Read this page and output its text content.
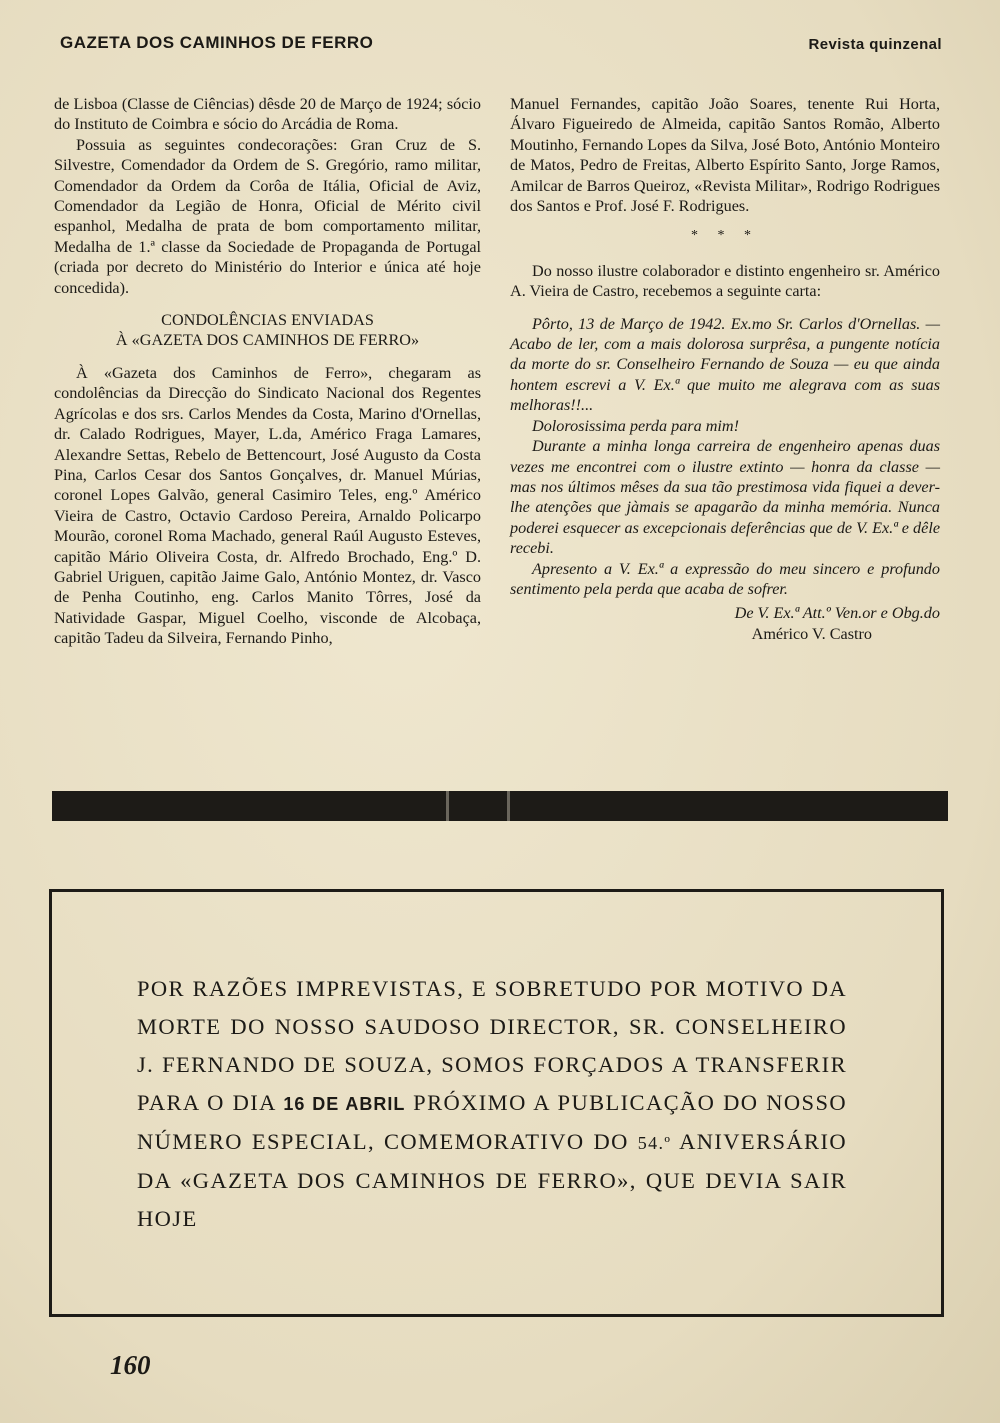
GAZETA DOS CAMINHOS DE FERRO	Revista quinzenal

de Lisboa (Classe de Ciências) dêsde 20 de Março de 1924; sócio do Instituto de Coimbra e sócio do Arcádia de Roma.

Possuia as seguintes condecorações: Gran Cruz de S. Silvestre, Comendador da Ordem de S. Gregório, ramo militar, Comendador da Ordem da Corôa de Itália, Oficial de Aviz, Comendador da Legião de Honra, Oficial de Mérito civil espanhol, Medalha de prata de bom comportamento militar, Medalha de 1.ª classe da Sociedade de Propaganda de Portugal (criada por decreto do Ministério do Interior e única até hoje concedida).

CONDOLÊNCIAS ENVIADAS

À «GAZETA DOS CAMINHOS DE FERRO»

À «Gazeta dos Caminhos de Ferro», chegaram as condolências da Direcção do Sindicato Nacional dos Regentes Agrícolas e dos srs. Carlos Mendes da Costa, Marino d'Ornellas, dr. Calado Rodrigues, Mayer, L.da, Américo Fraga Lamares, Alexandre Settas, Rebelo de Bettencourt, José Augusto da Costa Pina, Carlos Cesar dos Santos Gonçalves, dr. Manuel Múrias, coronel Lopes Galvão, general Casimiro Teles, eng.º Américo Vieira de Castro, Octavio Cardoso Pereira, Arnaldo Policarpo Mourão, coronel Roma Machado, general Raúl Augusto Esteves, capitão Mário Oliveira Costa, dr. Alfredo Brochado, Eng.º D. Gabriel Uriguen, capitão Jaime Galo, António Montez, dr. Vasco de Penha Coutinho, eng. Carlos Manito Tôrres, José da Natividade Gaspar, Miguel Coelho, visconde de Alcobaça, capitão Tadeu da Silveira, Fernando Pinho,

Manuel Fernandes, capitão João Soares, tenente Rui Horta, Álvaro Figueiredo de Almeida, capitão Santos Romão, Alberto Moutinho, Fernando Lopes da Silva, José Boto, António Monteiro de Matos, Pedro de Freitas, Alberto Espírito Santo, Jorge Ramos, Amilcar de Barros Queiroz, «Revista Militar», Rodrigo Rodrigues dos Santos e Prof. José F. Rodrigues.

* * *

Do nosso ilustre colaborador e distinto engenheiro sr. Américo A. Vieira de Castro, recebemos a seguinte carta:

Pôrto, 13 de Março de 1942. Ex.mo Sr. Carlos d'Ornellas. — Acabo de ler, com a mais dolorosa surprêsa, a pungente notícia da morte do sr. Conselheiro Fernando de Souza — eu que ainda hontem escrevi a V. Ex.ª que muito me alegrava com as suas melhoras!!...

Dolorosissima perda para mim!

Durante a minha longa carreira de engenheiro apenas duas vezes me encontrei com o ilustre extinto — honra da classe — mas nos últimos mêses da sua tão prestimosa vida fiquei a dever-lhe atenções que jàmais se apagarão da minha memória. Nunca poderei esquecer as excepcionais deferências que de V. Ex.ª e dêle recebi.

Apresento a V. Ex.ª a expressão do meu sincero e profundo sentimento pela perda que acaba de sofrer.

De V. Ex.ª Att.º Ven.or e Obg.do
Américo V. Castro
POR RAZÕES IMPREVISTAS, E SOBRETUDO POR MOTIVO DA MORTE DO NOSSO SAUDOSO DIRECTOR, SR. CONSELHEIRO J. FERNANDO DE SOUZA, SOMOS FORÇADOS A TRANSFERIR PARA O DIA 16 DE ABRIL PRÓXIMO A PUBLICAÇÃO DO NOSSO NÚMERO ESPECIAL, COMEMORATIVO DO 54.º ANIVERSÁRIO DA «GAZETA DOS CAMINHOS DE FERRO», QUE DEVIA SAIR HOJE
160
